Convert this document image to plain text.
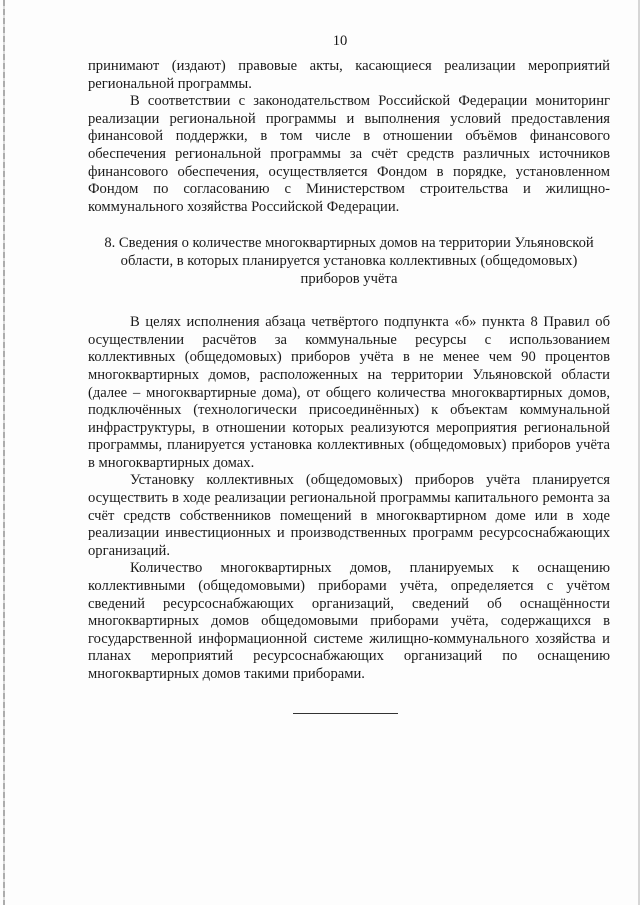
10

принимают (издают) правовые акты, касающиеся реализации мероприятий региональной программы.

В соответствии с законодательством Российской Федерации мониторинг реализации региональной программы и выполнения условий предоставления финансовой поддержки, в том числе в отношении объёмов финансового обеспечения региональной программы за счёт средств различных источников финансового обеспечения, осуществляется Фондом в порядке, установленном Фондом по согласованию с Министерством строительства и жилищно-коммунального хозяйства Российской Федерации.

8. Сведения о количестве многоквартирных домов на территории Ульяновской области, в которых планируется установка коллективных (общедомовых) приборов учёта

В целях исполнения абзаца четвёртого подпункта «б» пункта 8 Правил об осуществлении расчётов за коммунальные ресурсы с использованием коллективных (общедомовых) приборов учёта в не менее чем 90 процентов многоквартирных домов, расположенных на территории Ульяновской области (далее – многоквартирные дома), от общего количества многоквартирных домов, подключённых (технологически присоединённых) к объектам коммунальной инфраструктуры, в отношении которых реализуются мероприятия региональной программы, планируется установка коллективных (общедомовых) приборов учёта в многоквартирных домах.

Установку коллективных (общедомовых) приборов учёта планируется осуществить в ходе реализации региональной программы капитального ремонта за счёт средств собственников помещений в многоквартирном доме или в ходе реализации инвестиционных и производственных программ ресурсоснабжающих организаций.

Количество многоквартирных домов, планируемых к оснащению коллективными (общедомовыми) приборами учёта, определяется с учётом сведений ресурсоснабжающих организаций, сведений об оснащённости многоквартирных домов общедомовыми приборами учёта, содержащихся в государственной информационной системе жилищно-коммунального хозяйства и планах мероприятий ресурсоснабжающих организаций по оснащению многоквартирных домов такими приборами.
